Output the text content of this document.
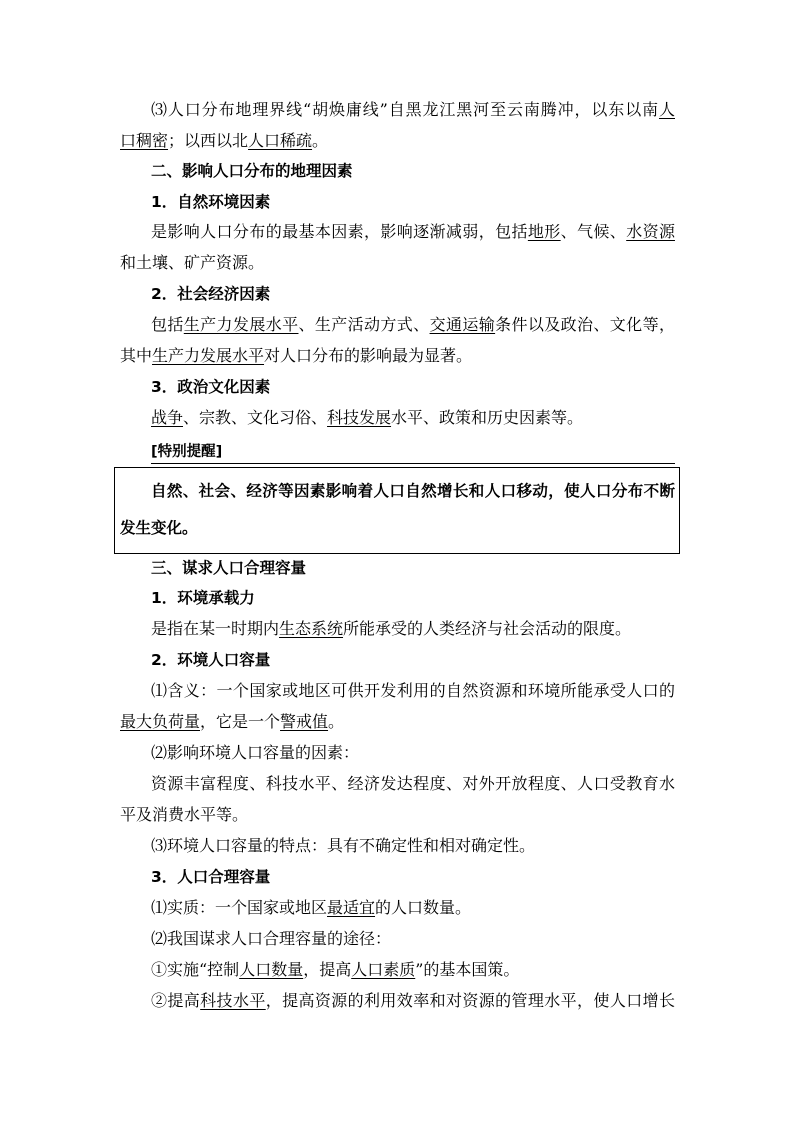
⑶人口分布地理界线“胡焕庸线”自黑龙江黑河至云南腾冲，以东以南人
口稠密；以西以北人口稀疏。
二、影响人口分布的地理因素
1．自然环境因素
是影响人口分布的最基本因素，影响逐渐减弱，包括地形、气候、水资源
和土壤、矿产资源。
2．社会经济因素
包括生产力发展水平、生产活动方式、交通运输条件以及政治、文化等，
其中生产力发展水平对人口分布的影响最为显著。
3．政治文化因素
战争、宗教、文化习俗、科技发展水平、政策和历史因素等。
[特别提醒]
自然、社会、经济等因素影响着人口自然增长和人口移动，使人口分布不断
发生变化。
三、谋求人口合理容量
1．环境承载力
是指在某一时期内生态系统所能承受的人类经济与社会活动的限度。
2．环境人口容量
⑴含义：一个国家或地区可供开发利用的自然资源和环境所能承受人口的
最大负荷量，它是一个警戒值。
⑵影响环境人口容量的因素：
资源丰富程度、科技水平、经济发达程度、对外开放程度、人口受教育水
平及消费水平等。
⑶环境人口容量的特点：具有不确定性和相对确定性。
3．人口合理容量
⑴实质：一个国家或地区最适宜的人口数量。
⑵我国谋求人口合理容量的途径：
①实施“控制人口数量，提高人口素质”的基本国策。
②提高科技水平，提高资源的利用效率和对资源的管理水平，使人口增长
